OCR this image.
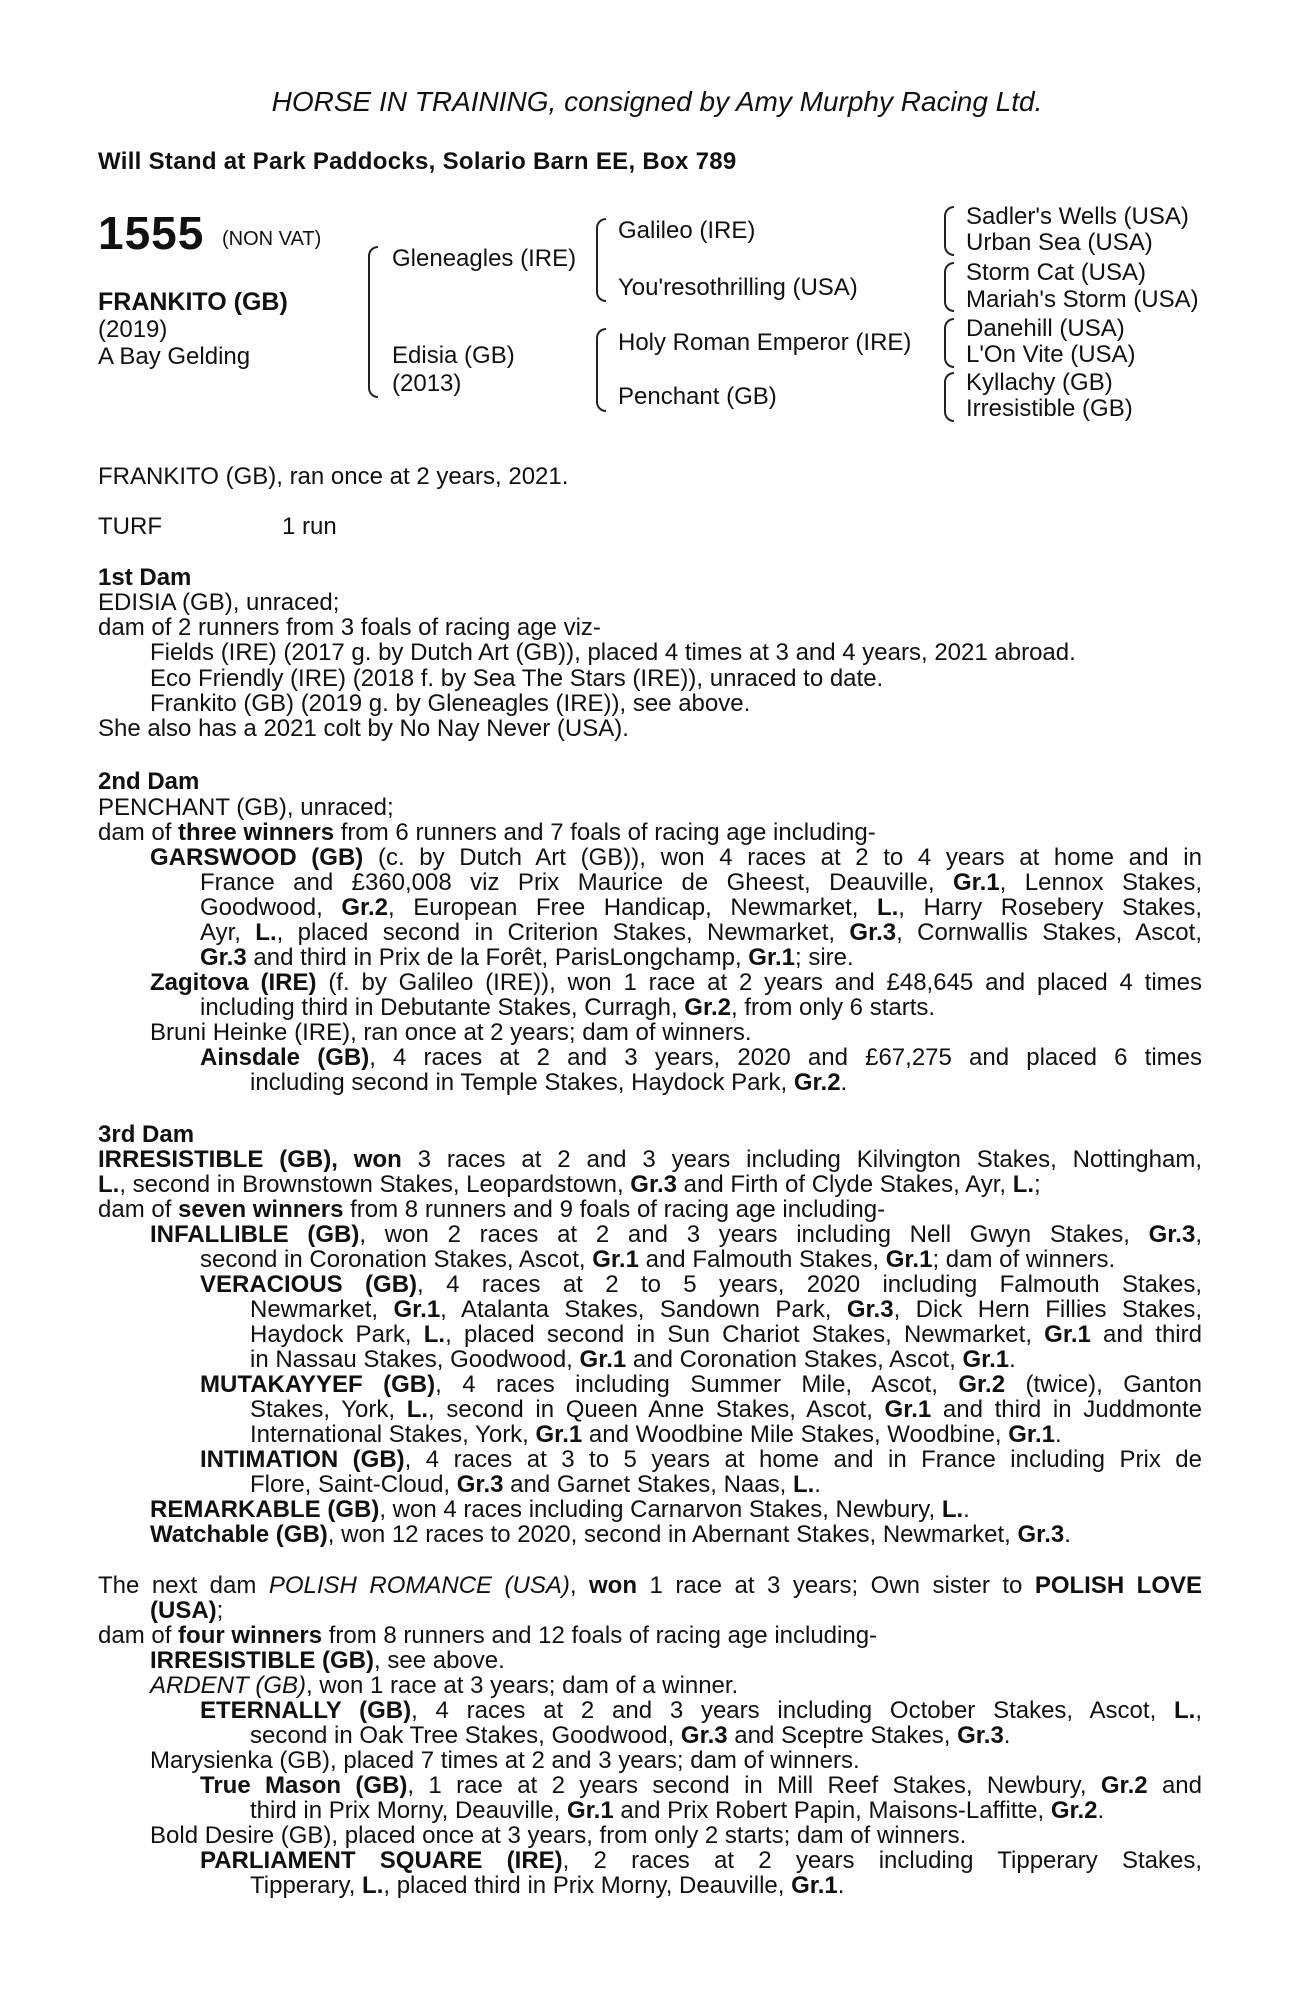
HORSE IN TRAINING, consigned by Amy Murphy Racing Ltd.
Will Stand at Park Paddocks, Solario Barn EE, Box 789
1555 (NON VAT)
FRANKITO (GB)
(2019)
A Bay Gelding
Gleneagles (IRE)
Edisia (GB)
(2013)
Galileo (IRE)
You'resothrilling (USA)
Holy Roman Emperor (IRE)
Penchant (GB)
Sadler's Wells (USA)
Urban Sea (USA)
Storm Cat (USA)
Mariah's Storm (USA)
Danehill (USA)
L'On Vite (USA)
Kyllachy (GB)
Irresistible (GB)
FRANKITO (GB), ran once at 2 years, 2021.
TURF	1 run
1st Dam
EDISIA (GB), unraced;
dam of 2 runners from 3 foals of racing age viz-
Fields (IRE) (2017 g. by Dutch Art (GB)), placed 4 times at 3 and 4 years, 2021 abroad.
Eco Friendly (IRE) (2018 f. by Sea The Stars (IRE)), unraced to date.
Frankito (GB) (2019 g. by Gleneagles (IRE)), see above.
She also has a 2021 colt by No Nay Never (USA).
2nd Dam
PENCHANT (GB), unraced;
dam of three winners from 6 runners and 7 foals of racing age including-
GARSWOOD (GB) (c. by Dutch Art (GB)), won 4 races at 2 to 4 years at home and in
France and £360,008 viz Prix Maurice de Gheest, Deauville, Gr.1, Lennox Stakes,
Goodwood, Gr.2, European Free Handicap, Newmarket, L., Harry Rosebery Stakes,
Ayr, L., placed second in Criterion Stakes, Newmarket, Gr.3, Cornwallis Stakes, Ascot,
Gr.3 and third in Prix de la Forêt, ParisLongchamp, Gr.1; sire.
Zagitova (IRE) (f. by Galileo (IRE)), won 1 race at 2 years and £48,645 and placed 4 times
including third in Debutante Stakes, Curragh, Gr.2, from only 6 starts.
Bruni Heinke (IRE), ran once at 2 years; dam of winners.
Ainsdale (GB), 4 races at 2 and 3 years, 2020 and £67,275 and placed 6 times
including second in Temple Stakes, Haydock Park, Gr.2.
3rd Dam
IRRESISTIBLE (GB), won 3 races at 2 and 3 years including Kilvington Stakes, Nottingham,
L., second in Brownstown Stakes, Leopardstown, Gr.3 and Firth of Clyde Stakes, Ayr, L.;
dam of seven winners from 8 runners and 9 foals of racing age including-
INFALLIBLE (GB), won 2 races at 2 and 3 years including Nell Gwyn Stakes, Gr.3,
second in Coronation Stakes, Ascot, Gr.1 and Falmouth Stakes, Gr.1; dam of winners.
VERACIOUS (GB), 4 races at 2 to 5 years, 2020 including Falmouth Stakes,
Newmarket, Gr.1, Atalanta Stakes, Sandown Park, Gr.3, Dick Hern Fillies Stakes,
Haydock Park, L., placed second in Sun Chariot Stakes, Newmarket, Gr.1 and third
in Nassau Stakes, Goodwood, Gr.1 and Coronation Stakes, Ascot, Gr.1.
MUTAKAYYEF (GB), 4 races including Summer Mile, Ascot, Gr.2 (twice), Ganton
Stakes, York, L., second in Queen Anne Stakes, Ascot, Gr.1 and third in Juddmonte
International Stakes, York, Gr.1 and Woodbine Mile Stakes, Woodbine, Gr.1.
INTIMATION (GB), 4 races at 3 to 5 years at home and in France including Prix de
Flore, Saint-Cloud, Gr.3 and Garnet Stakes, Naas, L..
REMARKABLE (GB), won 4 races including Carnarvon Stakes, Newbury, L..
Watchable (GB), won 12 races to 2020, second in Abernant Stakes, Newmarket, Gr.3.
The next dam POLISH ROMANCE (USA), won 1 race at 3 years; Own sister to POLISH LOVE
(USA);
dam of four winners from 8 runners and 12 foals of racing age including-
IRRESISTIBLE (GB), see above.
ARDENT (GB), won 1 race at 3 years; dam of a winner.
ETERNALLY (GB), 4 races at 2 and 3 years including October Stakes, Ascot, L.,
second in Oak Tree Stakes, Goodwood, Gr.3 and Sceptre Stakes, Gr.3.
Marysienka (GB), placed 7 times at 2 and 3 years; dam of winners.
True Mason (GB), 1 race at 2 years second in Mill Reef Stakes, Newbury, Gr.2 and
third in Prix Morny, Deauville, Gr.1 and Prix Robert Papin, Maisons-Laffitte, Gr.2.
Bold Desire (GB), placed once at 3 years, from only 2 starts; dam of winners.
PARLIAMENT SQUARE (IRE), 2 races at 2 years including Tipperary Stakes,
Tipperary, L., placed third in Prix Morny, Deauville, Gr.1.
